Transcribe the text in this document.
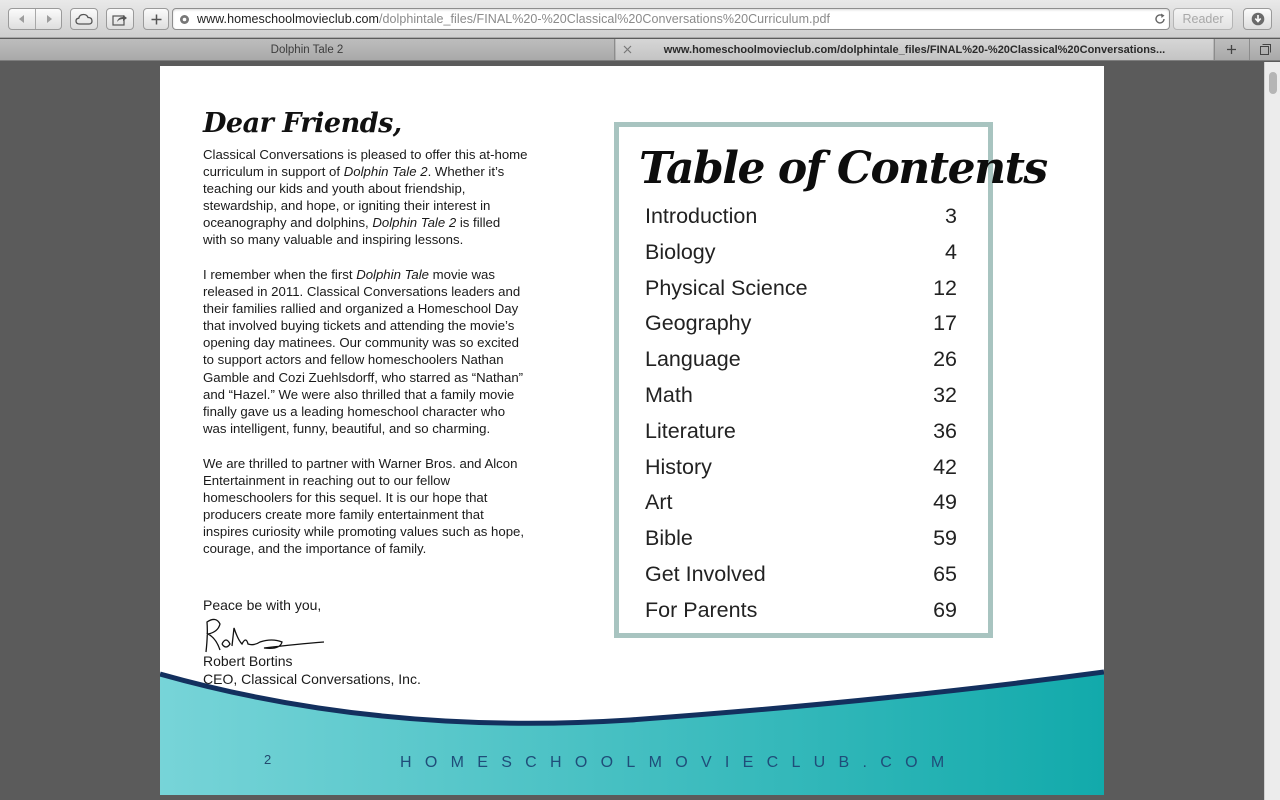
www.homeschoolmovieclub.com/dolphintale_files/FINAL%20-%20Classical%20Conversations%20Curriculum.pdf	Reader
Dolphin Tale 2	www.homeschoolmovieclub.com/dolphintale_files/FINAL%20-%20Classical%20Conversations...
Dear Friends,
Classical Conversations is pleased to offer this at-home
curriculum in support of Dolphin Tale 2. Whether it’s
teaching our kids and youth about friendship,
stewardship, and hope, or igniting their interest in
oceanography and dolphins, Dolphin Tale 2 is filled
with so many valuable and inspiring lessons.
I remember when the first Dolphin Tale movie was
released in 2011. Classical Conversations leaders and
their families rallied and organized a Homeschool Day
that involved buying tickets and attending the movie’s
opening day matinees. Our community was so excited
to support actors and fellow homeschoolers Nathan
Gamble and Cozi Zuehlsdorff, who starred as “Nathan”
and “Hazel.” We were also thrilled that a family movie
finally gave us a leading homeschool character who
was intelligent, funny, beautiful, and so charming.
We are thrilled to partner with Warner Bros. and Alcon
Entertainment in reaching out to our fellow
homeschoolers for this sequel. It is our hope that
producers create more family entertainment that
inspires curiosity while promoting values such as hope,
courage, and the importance of family.
Peace be with you,
Robert Bortins
CEO, Classical Conversations, Inc.
Table of Contents
Introduction	3
Biology	4
Physical Science	12
Geography	17
Language	26
Math	32
Literature	36
History	42
Art	49
Bible	59
Get Involved	65
For Parents	69
2	HOMESCHOOLMOVIECLUB.COM
